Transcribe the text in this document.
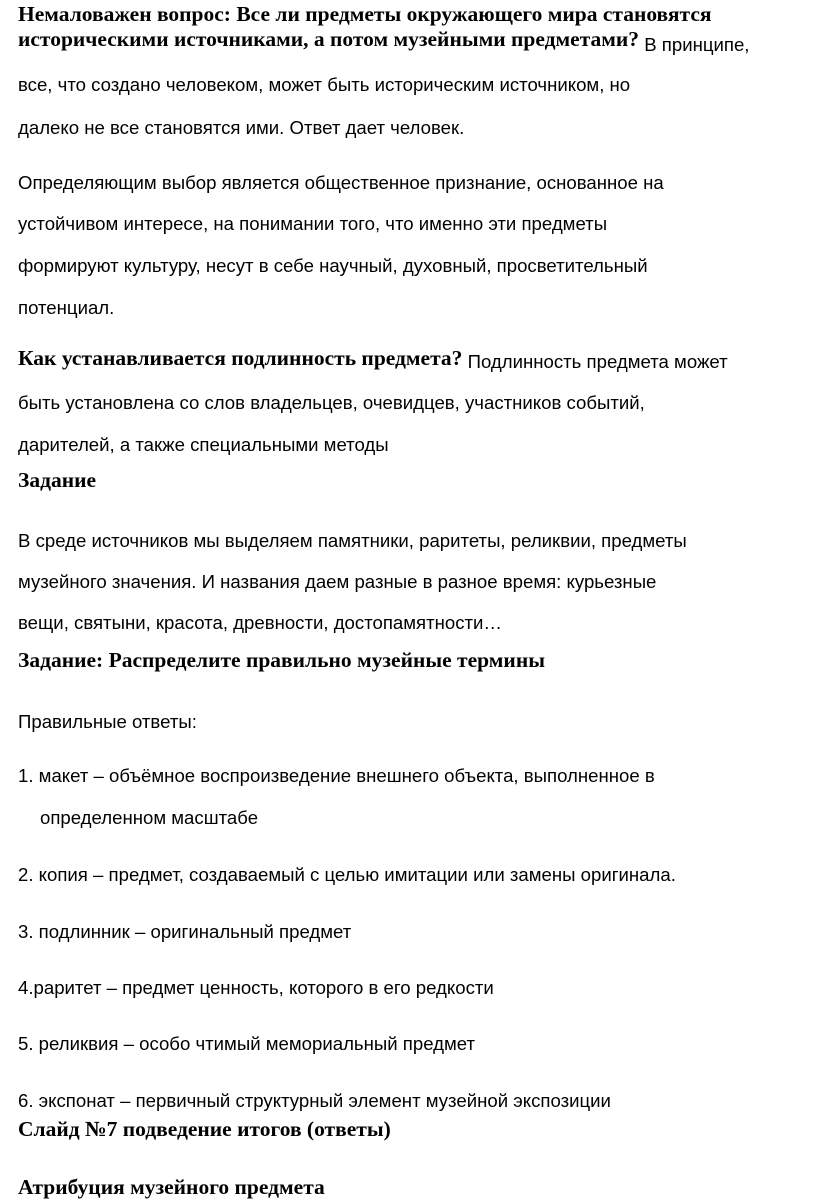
Немаловажен вопрос: Все ли предметы окружающего мира становятся
историческими источниками, а потом музейными предметами? В принципе,
все, что создано человеком, может быть историческим источником, но
далеко не все становятся ими. Ответ дает человек.
Определяющим выбор является общественное признание, основанное на
устойчивом интересе, на понимании того, что именно эти предметы
формируют культуру, несут в себе научный, духовный, просветительный
потенциал.
Как устанавливается подлинность предмета? Подлинность предмета может
быть установлена со слов владельцев, очевидцев, участников событий,
дарителей, а также специальными методы
Задание
В среде источников мы выделяем памятники, раритеты, реликвии, предметы
музейного значения. И названия даем разные в разное время: курьезные
вещи, святыни, красота, древности, достопамятности…
Задание: Распределите правильно музейные термины
Правильные ответы:
1. макет – объёмное воспроизведение внешнего объекта, выполненное в
определенном масштабе
2. копия – предмет, создаваемый с целью имитации или замены оригинала.
3. подлинник – оригинальный предмет
4.раритет – предмет ценность, которого в его редкости
5. реликвия – особо чтимый мемориальный предмет
6. экспонат – первичный структурный элемент музейной экспозиции
Слайд №7 подведение итогов (ответы)
Атрибуция музейного предмета
